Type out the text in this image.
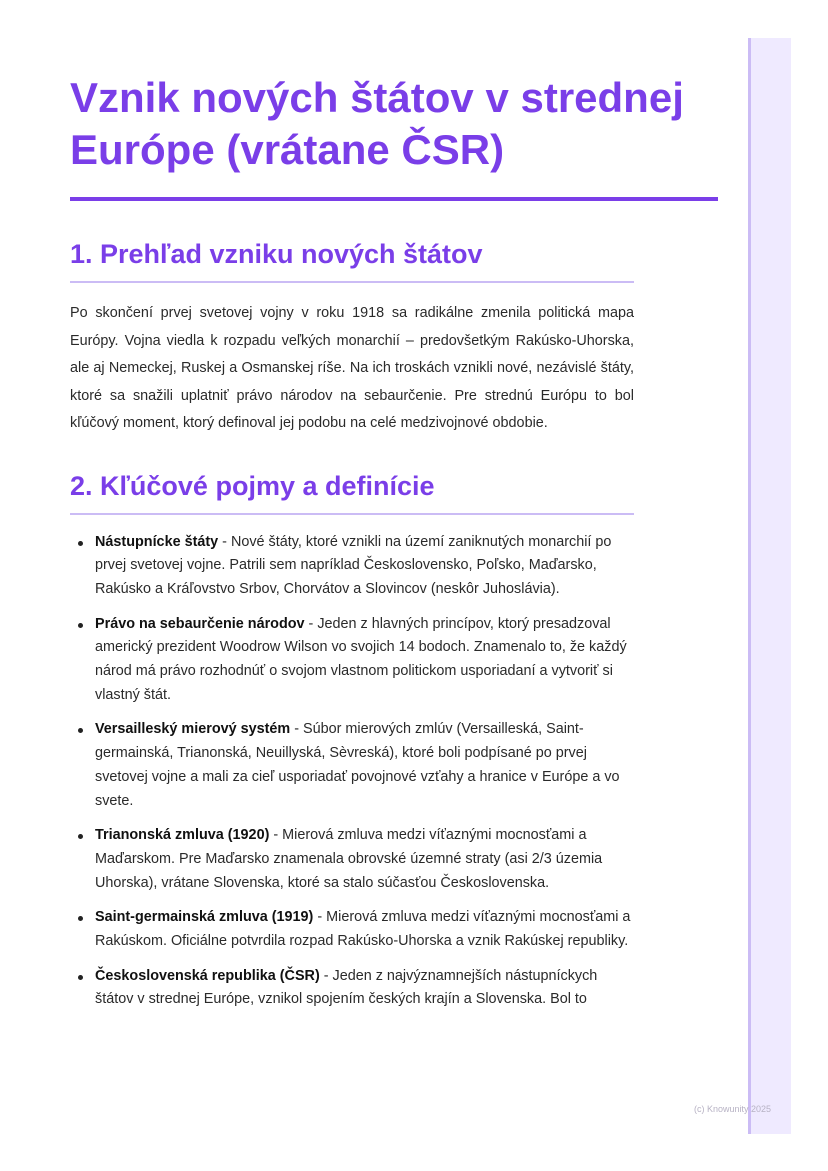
(c) Knowunity 2025
Vznik nových štátov v strednej Európe (vrátane ČSR)
1. Prehľad vzniku nových štátov

Po skončení prvej svetovej vojny v roku 1918 sa radikálne zmenila politická mapa Európy. Vojna viedla k rozpadu veľkých monarchií – predovšetkým Rakúsko-Uhorska, ale aj Nemeckej, Ruskej a Osmanskej ríše. Na ich troskách vznikli nové, nezávislé štáty, ktoré sa snažili uplatniť právo národov na sebaurčenie. Pre strednú Európu to bol kľúčový moment, ktorý definoval jej podobu na celé medzivojnové obdobie.

2. Kľúčové pojmy a definície
Nástupnícke štáty - Nové štáty, ktoré vznikli na území zaniknutých monarchií po prvej svetovej vojne. Patrili sem napríklad Československo, Poľsko, Maďarsko, Rakúsko a Kráľovstvo Srbov, Chorvátov a Slovincov (neskôr Juhoslávia).
Právo na sebaurčenie národov - Jeden z hlavných princípov, ktorý presadzoval americký prezident Woodrow Wilson vo svojich 14 bodoch. Znamenalo to, že každý národ má právo rozhodnúť o svojom vlastnom politickom usporiadaní a vytvoriť si vlastný štát.
Versailleský mierový systém - Súbor mierových zmlúv (Versailleská, Saint-germainská, Trianonská, Neuillyská, Sèvreská), ktoré boli podpísané po prvej svetovej vojne a mali za cieľ usporiadať povojnové vzťahy a hranice v Európe a vo svete.
Trianonská zmluva (1920) - Mierová zmluva medzi víťaznými mocnosťami a Maďarskom. Pre Maďarsko znamenala obrovské územné straty (asi 2/3 územia Uhorska), vrátane Slovenska, ktoré sa stalo súčasťou Československa.
Saint-germainská zmluva (1919) - Mierová zmluva medzi víťaznými mocnosťami a Rakúskom. Oficiálne potvrdila rozpad Rakúsko-Uhorska a vznik Rakúskej republiky.
Československá republika (ČSR) - Jeden z najvýznamnejších nástupníckych štátov v strednej Európe, vznikol spojením českých krajín a Slovenska. Bol to
